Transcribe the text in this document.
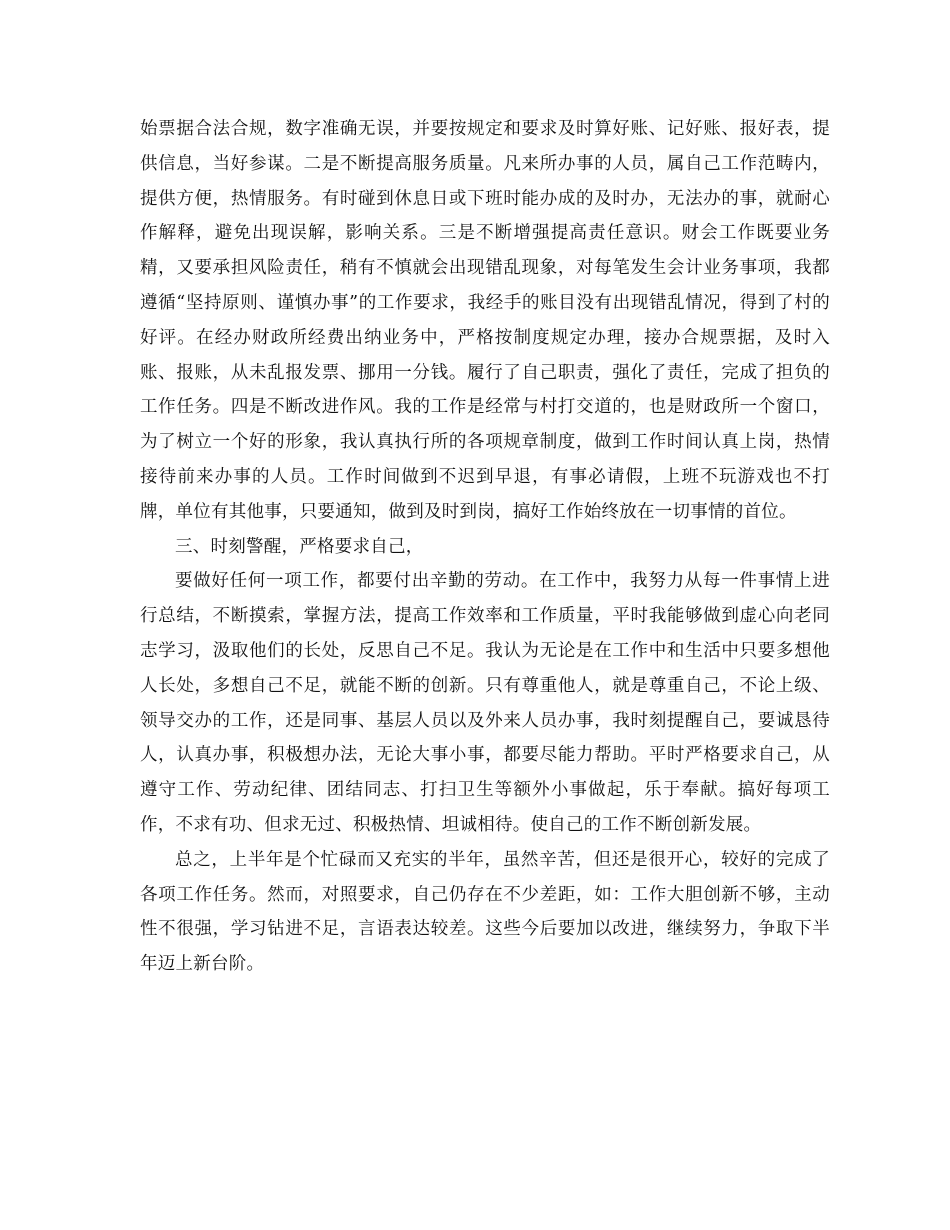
始票据合法合规，数字准确无误，并要按规定和要求及时算好账、记好账、报好表，提供信息，当好参谋。二是不断提高服务质量。凡来所办事的人员，属自己工作范畴内，提供方便，热情服务。有时碰到休息日或下班时能办成的及时办，无法办的事，就耐心作解释，避免出现误解，影响关系。三是不断增强提高责任意识。财会工作既要业务精，又要承担风险责任，稍有不慎就会出现错乱现象，对每笔发生会计业务事项，我都遵循“坚持原则、谨慎办事”的工作要求，我经手的账目没有出现错乱情况，得到了村的好评。在经办财政所经费出纳业务中，严格按制度规定办理，接办合规票据，及时入账、报账，从未乱报发票、挪用一分钱。履行了自己职责，强化了责任，完成了担负的工作任务。四是不断改进作风。我的工作是经常与村打交道的，也是财政所一个窗口，为了树立一个好的形象，我认真执行所的各项规章制度，做到工作时间认真上岗，热情接待前来办事的人员。工作时间做到不迟到早退，有事必请假，上班不玩游戏也不打牌，单位有其他事，只要通知，做到及时到岗，搞好工作始终放在一切事情的首位。

三、时刻警醒，严格要求自己，

要做好任何一项工作，都要付出辛勤的劳动。在工作中，我努力从每一件事情上进行总结，不断摸索，掌握方法，提高工作效率和工作质量，平时我能够做到虚心向老同志学习，汲取他们的长处，反思自己不足。我认为无论是在工作中和生活中只要多想他人长处，多想自己不足，就能不断的创新。只有尊重他人，就是尊重自己，不论上级、领导交办的工作，还是同事、基层人员以及外来人员办事，我时刻提醒自己，要诚恳待人，认真办事，积极想办法，无论大事小事，都要尽能力帮助。平时严格要求自己，从遵守工作、劳动纪律、团结同志、打扫卫生等额外小事做起，乐于奉献。搞好每项工作，不求有功、但求无过、积极热情、坦诚相待。使自己的工作不断创新发展。

总之，上半年是个忙碌而又充实的半年，虽然辛苦，但还是很开心，较好的完成了各项工作任务。然而，对照要求，自己仍存在不少差距，如：工作大胆创新不够，主动性不很强，学习钻进不足，言语表达较差。这些今后要加以改进，继续努力，争取下半年迈上新台阶。
